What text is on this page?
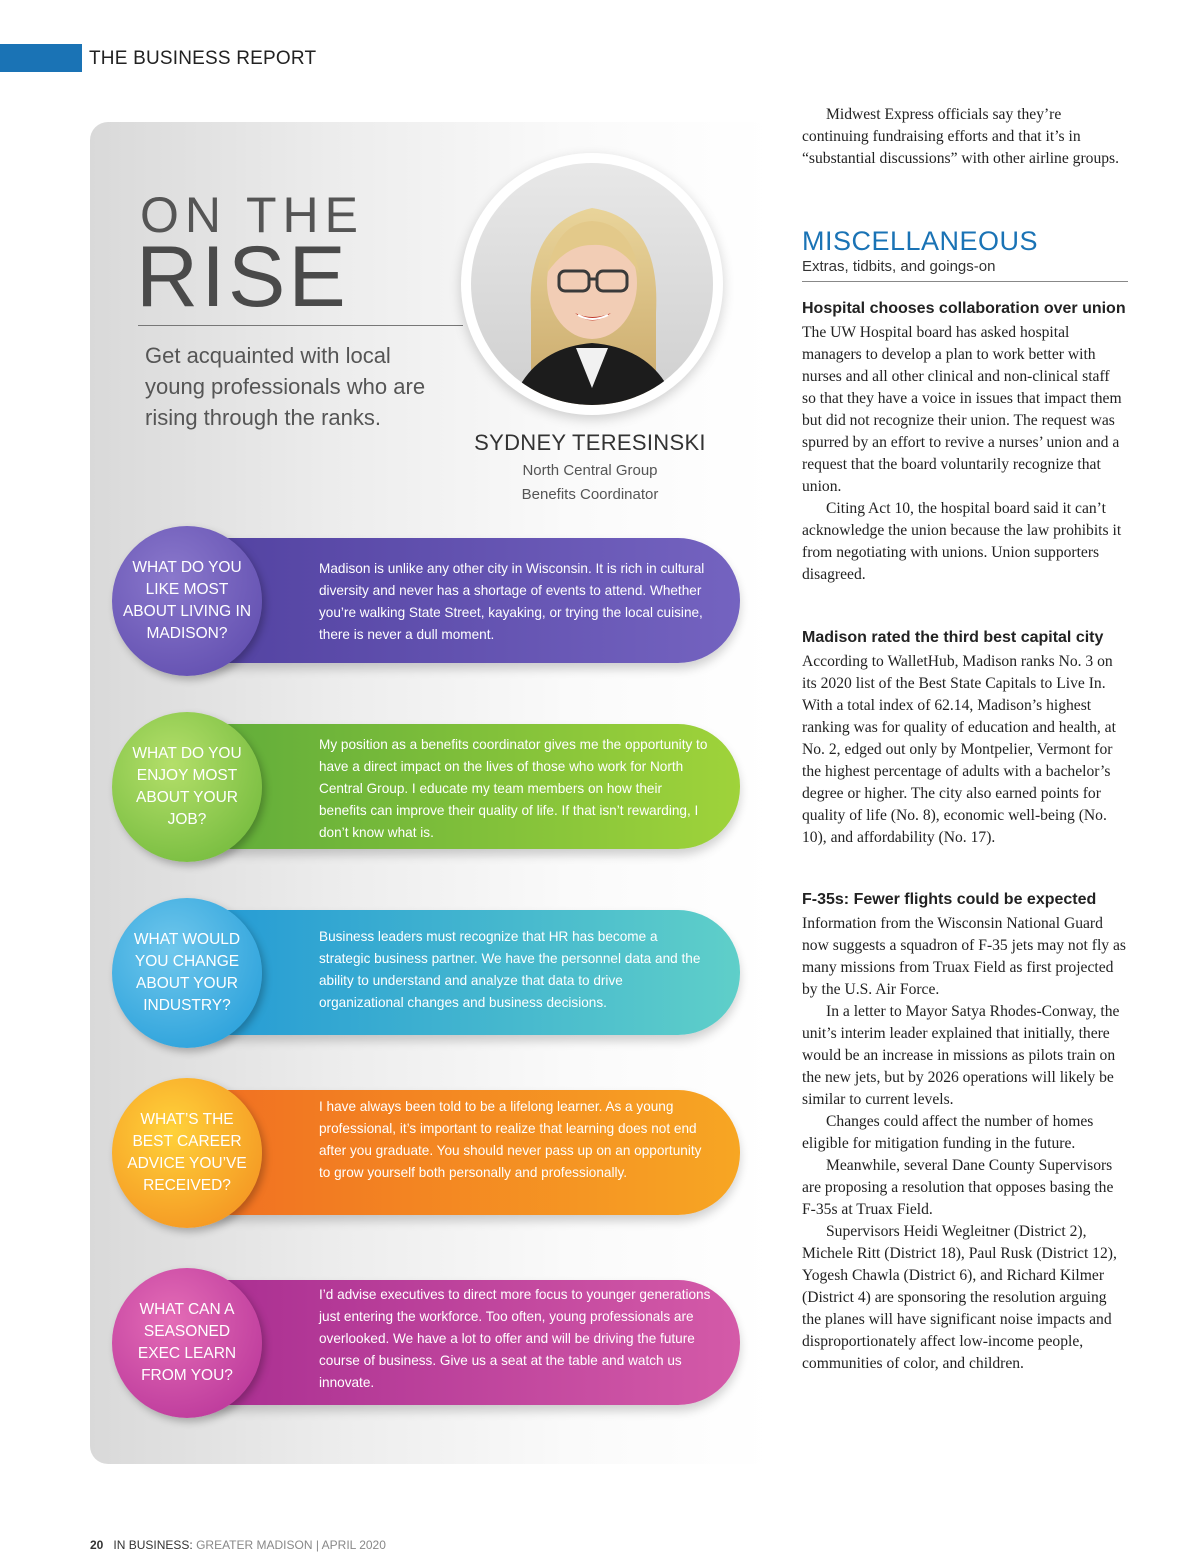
THE BUSINESS REPORT
ON THE
RISE
Get acquainted with local young professionals who are rising through the ranks.
SYDNEY TERESINSKI
North Central Group
Benefits Coordinator
WHAT DO YOU LIKE MOST ABOUT LIVING IN MADISON?
Madison is unlike any other city in Wisconsin. It is rich in cultural diversity and never has a shortage of events to attend. Whether you’re walking State Street, kayaking, or trying the local cuisine, there is never a dull moment.
WHAT DO YOU ENJOY MOST ABOUT YOUR JOB?
My position as a benefits coordinator gives me the opportunity to have a direct impact on the lives of those who work for North Central Group. I educate my team members on how their benefits can improve their quality of life. If that isn’t rewarding, I don’t know what is.
WHAT WOULD YOU CHANGE ABOUT YOUR INDUSTRY?
Business leaders must recognize that HR has become a strategic business partner. We have the personnel data and the ability to understand and analyze that data to drive organizational changes and business decisions.
WHAT’S THE BEST CAREER ADVICE YOU’VE RECEIVED?
I have always been told to be a lifelong learner. As a young professional, it’s important to realize that learning does not end after you graduate. You should never pass up on an opportunity to grow yourself both personally and professionally.
WHAT CAN A SEASONED EXEC LEARN FROM YOU?
I’d advise executives to direct more focus to younger generations just entering the workforce. Too often, young professionals are overlooked. We have a lot to offer and will be driving the future course of business. Give us a seat at the table and watch us innovate.

Midwest Express officials say they’re continuing fundraising efforts and that it’s in “substantial discussions” with other airline groups.

MISCELLANEOUS
Extras, tidbits, and goings-on
Hospital chooses collaboration over union

The UW Hospital board has asked hospital managers to develop a plan to work better with nurses and all other clinical and non-clinical staff so that they have a voice in issues that impact them but did not recognize their union. The request was spurred by an effort to revive a nurses’ union and a request that the board voluntarily recognize that union.

Citing Act 10, the hospital board said it can’t acknowledge the union because the law prohibits it from negotiating with unions. Union supporters disagreed.

Madison rated the third best capital city

According to WalletHub, Madison ranks No. 3 on its 2020 list of the Best State Capitals to Live In. With a total index of 62.14, Madison’s highest ranking was for quality of education and health, at No. 2, edged out only by Montpelier, Vermont for the highest percentage of adults with a bachelor’s degree or higher. The city also earned points for quality of life (No. 8), economic well-being (No. 10), and affordability (No. 17).

F-35s: Fewer flights could be expected

Information from the Wisconsin National Guard now suggests a squadron of F-35 jets may not fly as many missions from Truax Field as first projected by the U.S. Air Force.

In a letter to Mayor Satya Rhodes-Conway, the unit’s interim leader explained that initially, there would be an increase in missions as pilots train on the new jets, but by 2026 operations will likely be similar to current levels.

Changes could affect the number of homes eligible for mitigation funding in the future.

Meanwhile, several Dane County Supervisors are proposing a resolution that opposes basing the F-35s at Truax Field.

Supervisors Heidi Wegleitner (District 2), Michele Ritt (District 18), Paul Rusk (District 12), Yogesh Chawla (District 6), and Richard Kilmer (District 4) are sponsoring the resolution arguing the planes will have significant noise impacts and disproportionately affect low-income people, communities of color, and children.

20 IN BUSINESS: GREATER MADISON | APRIL 2020
